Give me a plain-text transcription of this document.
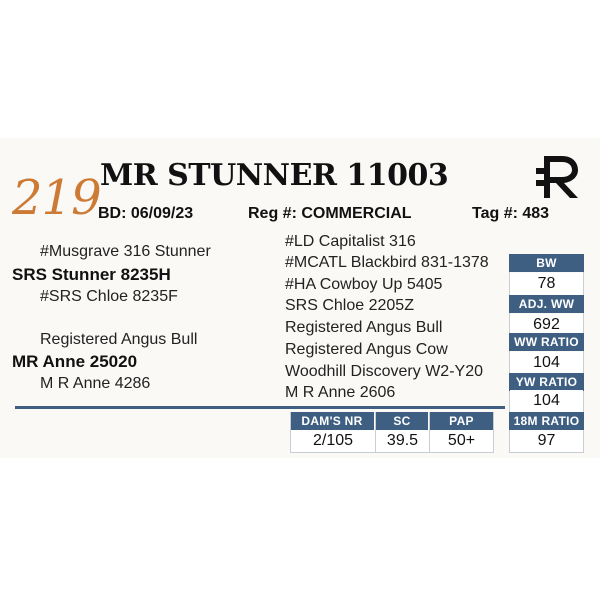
219 MR STUNNER 11003
BD: 06/09/23	Reg #: COMMERCIAL	Tag #: 483
#Musgrave 316 Stunner
SRS Stunner 8235H
#SRS Chloe 8235F
Registered Angus Bull
MR Anne 25020
M R Anne 4286
#LD Capitalist 316
#MCATL Blackbird 831-1378
#HA Cowboy Up 5405
SRS Chloe 2205Z
Registered Angus Bull
Registered Angus Cow
Woodhill Discovery W2-Y20
M R Anne 2606
BW
78
ADJ. WW
692
WW RATIO
104
YW RATIO
104
18M RATIO
97
DAM'S NR	SC	PAP
2/105	39.5	50+
